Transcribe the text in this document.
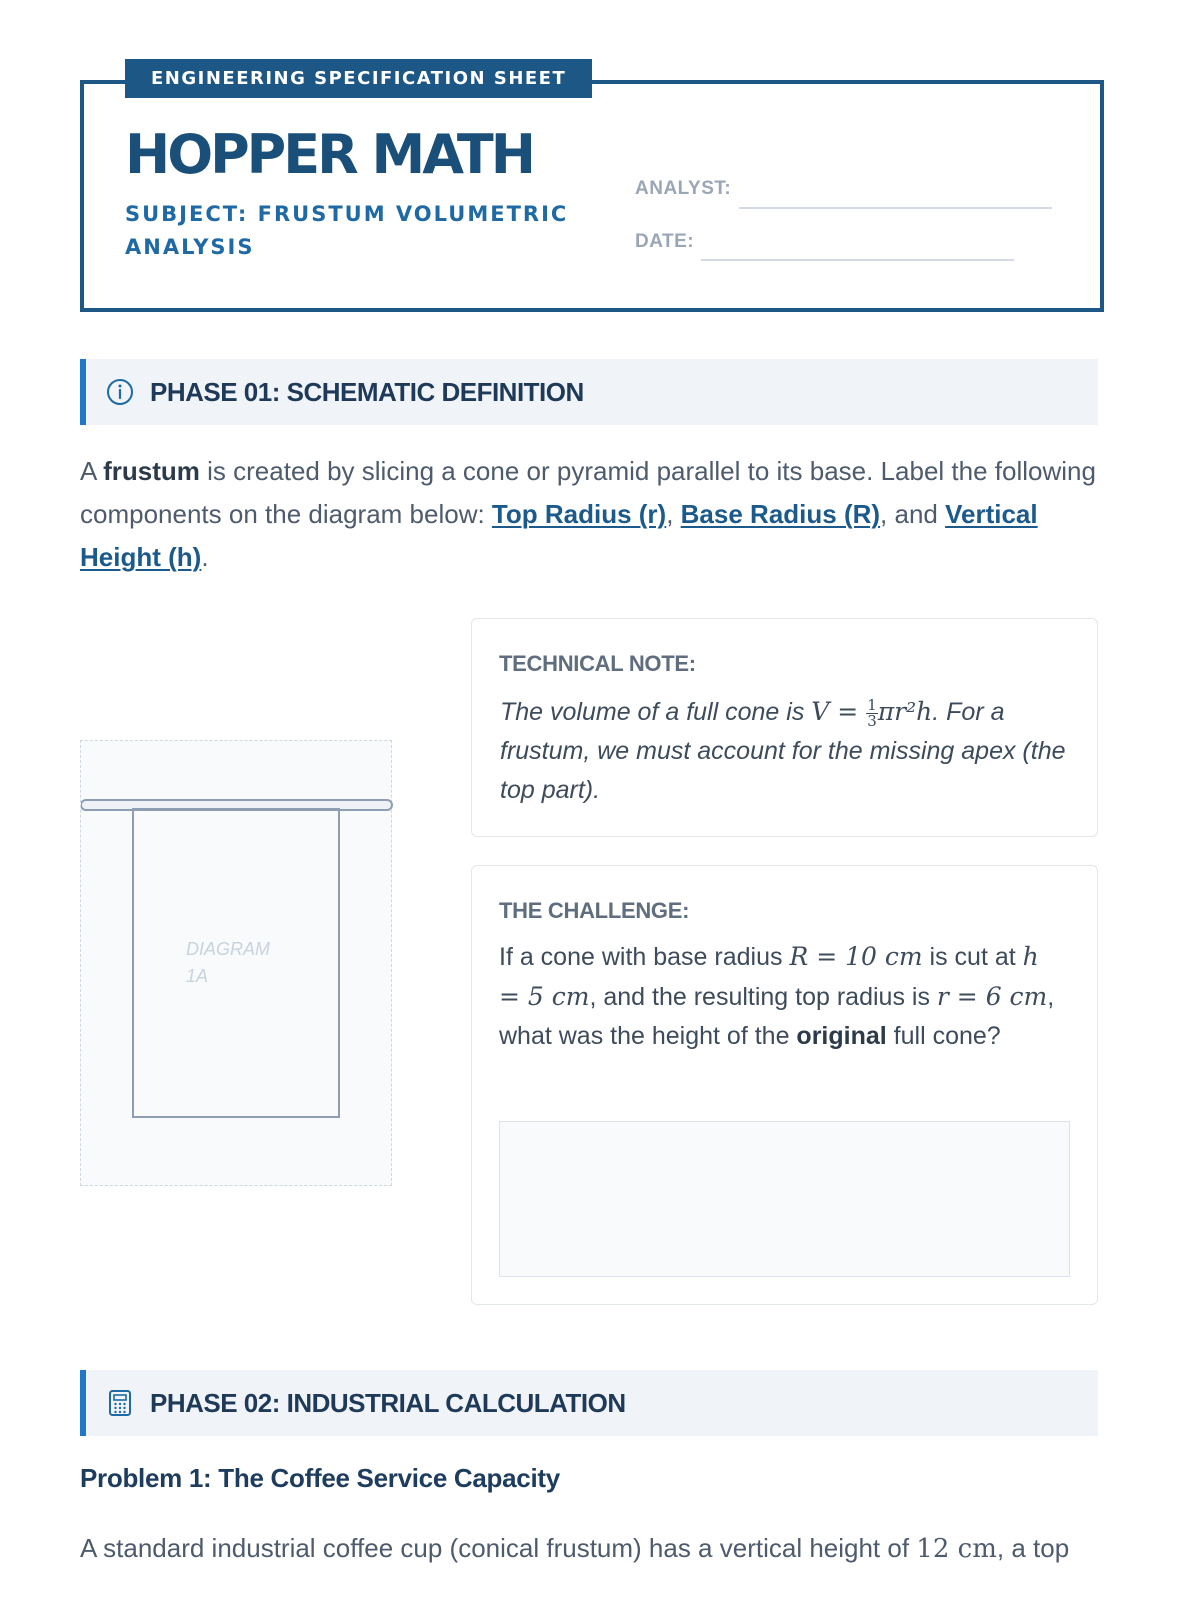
ENGINEERING SPECIFICATION SHEET
HOPPER MATH
SUBJECT: FRUSTUM VOLUMETRIC ANALYSIS
ANALYST:
DATE:
PHASE 01: SCHEMATIC DEFINITION
A frustum is created by slicing a cone or pyramid parallel to its base. Label the following components on the diagram below: Top Radius (r), Base Radius (R), and Vertical Height (h).
DIAGRAM 1A
TECHNICAL NOTE:
The volume of a full cone is $V = \frac{1}{3} \pi r^2h$. For a frustum, we must account for the missing apex (the top part).
THE CHALLENGE:
If a cone with base radius R = 10 cm is cut at h = 5 cm, and the resulting top radius is r = 6 cm, what was the height of the original full cone?
PHASE 02: INDUSTRIAL CALCULATION
Problem 1: The Coffee Service Capacity
A standard industrial coffee cup (conical frustum) has a vertical height of 12 cm, a top
